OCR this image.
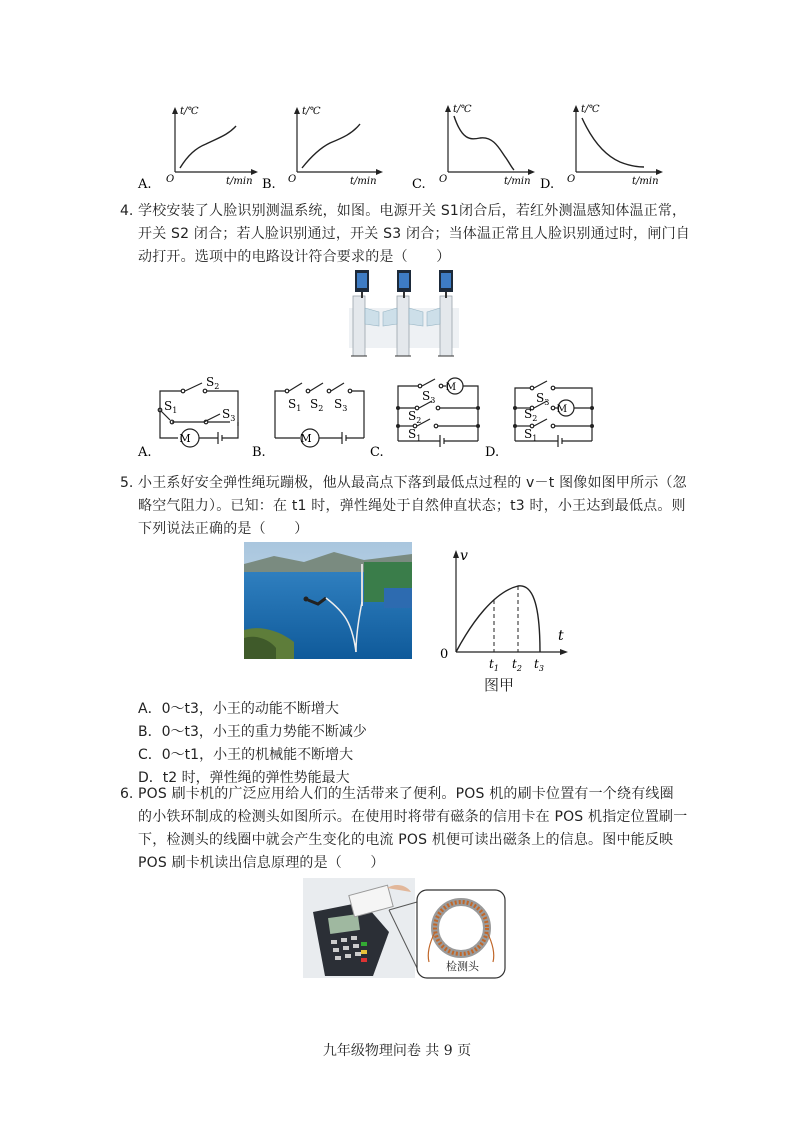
t/℃
t/min
O
A.
t/℃
t/min
O
B.
t/℃
t/min
O
C.
t/℃
t/min
O
D.
4. 学校安装了人脸识别测温系统，如图。电源开关 S1闭合后，若红外测温感知体温正常，
开关 S2 闭合；若人脸识别通过，开关 S3 闭合；当体温正常且人脸识别通过时，闸门自
动打开。选项中的电路设计符合要求的是（　　）
M
$S_2$
$S_1$	$S_3$
A.
M
$S_1$ $S_2$ $S_3$
B.
M
$S_3$
$S_2$
$S_1$
C.
M
$S_3$
$S_2$
$S_1$
D.
5. 小王系好安全弹性绳玩蹦极，他从最高点下落到最低点过程的 v－t 图像如图甲所示（忽
略空气阻力）。已知：在 t1 时，弹性绳处于自然伸直状态；t3 时，小王达到最低点。则
下列说法正确的是（　　）
v
t
0
$t_1$ $t_2$ $t_3$
图甲
A．0～t3，小王的动能不断增大
B．0～t3，小王的重力势能不断减少
C．0～t1，小王的机械能不断增大
D．t2 时，弹性绳的弹性势能最大
6. POS 刷卡机的广泛应用给人们的生活带来了便利。POS 机的刷卡位置有一个绕有线圈
的小铁环制成的检测头如图所示。在使用时将带有磁条的信用卡在 POS 机指定位置刷一
下，检测头的线圈中就会产生变化的电流 POS 机便可读出磁条上的信息。图中能反映
POS 刷卡机读出信息原理的是（　　）
检测头
九年级物理问卷 共 9 页
